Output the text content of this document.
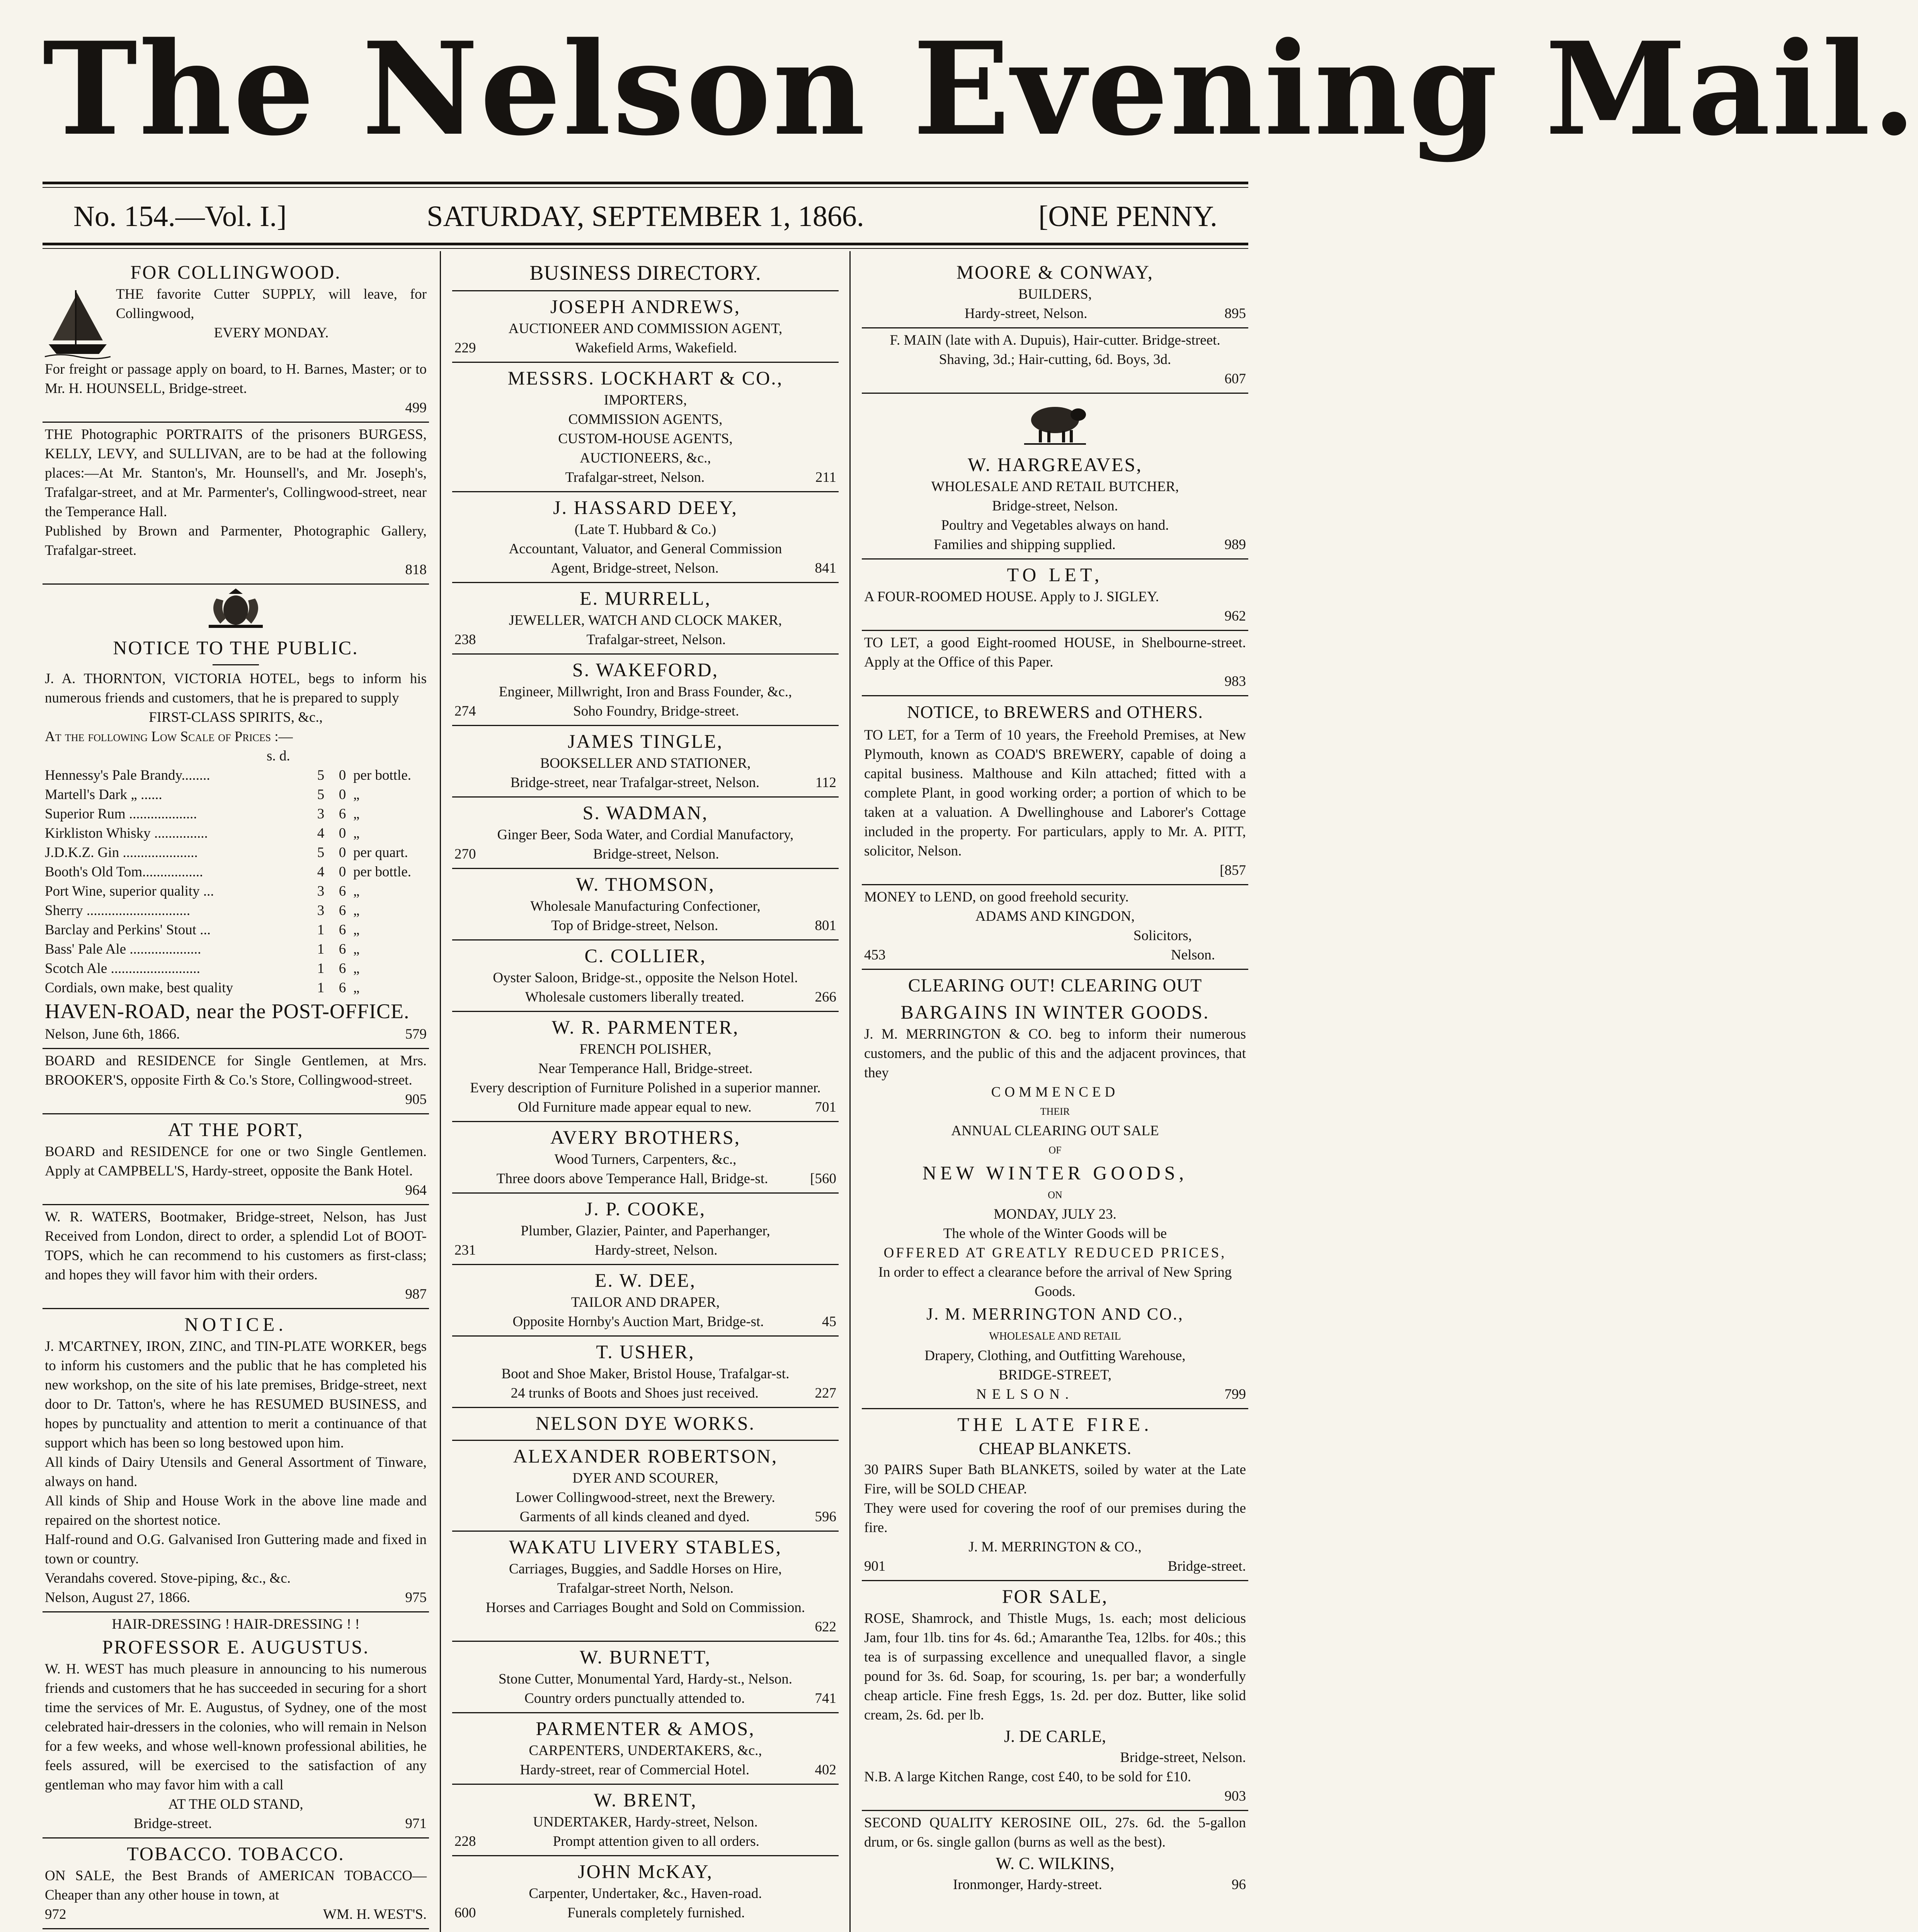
The Nelson Evening Mail.
No. 154.—Vol. I.]	SATURDAY, SEPTEMBER 1, 1866.	[ONE PENNY.
FOR COLLINGWOOD.
THE favorite Cutter SUPPLY, will leave, for Collingwood,
EVERY MONDAY.
For freight or passage apply on board, to H. Barnes, Master; or to Mr. H. HOUNSELL, Bridge-street.
499
THE Photographic PORTRAITS of the prisoners BURGESS, KELLY, LEVY, and SULLIVAN, are to be had at the following places:—At Mr. Stanton's, Mr. Hounsell's, and Mr. Joseph's, Trafalgar-street, and at Mr. Parmenter's, Collingwood-street, near the Temperance Hall.
Published by Brown and Parmenter, Photographic Gallery, Trafalgar-street.
818
NOTICE TO THE PUBLIC.
J. A. THORNTON, VICTORIA HOTEL, begs to inform his numerous friends and customers, that he is prepared to supply
FIRST-CLASS SPIRITS, &c.,
At the following Low Scale of Prices :—
s. d.
Hennessy's Pale Brandy........	5	0 per bottle.
Martell's Dark „ ......	5	0 „
Superior Rum ...................	3	6 „
Kirkliston Whisky ...............	4	0 „
J.D.K.Z. Gin .....................	5	0 per quart.
Booth's Old Tom.................	4	0 per bottle.
Port Wine, superior quality ...	3	6 „
Sherry .............................	3	6 „
Barclay and Perkins' Stout ...	1	6 „
Bass' Pale Ale ....................	1	6 „
Scotch Ale .........................	1	6 „
Cordials, own make, best quality	1	6 „
HAVEN-ROAD, near the POST-OFFICE.
Nelson, June 6th, 1866.	579
BOARD and RESIDENCE for Single Gentlemen, at Mrs. BROOKER'S, opposite Firth & Co.'s Store, Collingwood-street.
905
AT THE PORT,
BOARD and RESIDENCE for one or two Single Gentlemen. Apply at CAMPBELL'S, Hardy-street, opposite the Bank Hotel.
964
W. R. WATERS, Bootmaker, Bridge-street, Nelson, has Just Received from London, direct to order, a splendid Lot of BOOT-TOPS, which he can recommend to his customers as first-class; and hopes they will favor him with their orders.
987
NOTICE.
J. M'CARTNEY, IRON, ZINC, and TIN-PLATE WORKER, begs to inform his customers and the public that he has completed his new workshop, on the site of his late premises, Bridge-street, next door to Dr. Tatton's, where he has RESUMED BUSINESS, and hopes by punctuality and attention to merit a continuance of that support which has been so long bestowed upon him.
All kinds of Dairy Utensils and General Assortment of Tinware, always on hand.
All kinds of Ship and House Work in the above line made and repaired on the shortest notice.
Half-round and O.G. Galvanised Iron Guttering made and fixed in town or country.
Verandahs covered. Stove-piping, &c., &c.
Nelson, August 27, 1866.	975
HAIR-DRESSING ! HAIR-DRESSING ! !
PROFESSOR E. AUGUSTUS.
W. H. WEST has much pleasure in announcing to his numerous friends and customers that he has succeeded in securing for a short time the services of Mr. E. Augustus, of Sydney, one of the most celebrated hair-dressers in the colonies, who will remain in Nelson for a few weeks, and whose well-known professional abilities, he feels assured, will be exercised to the satisfaction of any gentleman who may favor him with a call
AT THE OLD STAND,
Bridge-street.	971
TOBACCO. TOBACCO.
ON SALE, the Best Brands of AMERICAN TOBACCO—Cheaper than any other house in town, at
972	WM. H. WEST'S.
BUSINESS DIRECTORY.
JOSEPH ANDREWS,
AUCTIONEER AND COMMISSION AGENT,
229	Wakefield Arms, Wakefield.
MESSRS. LOCKHART & CO.,
IMPORTERS,
COMMISSION AGENTS,
CUSTOM-HOUSE AGENTS,
AUCTIONEERS, &c.,
Trafalgar-street, Nelson.	211
J. HASSARD DEEY,
(Late T. Hubbard & Co.)
Accountant, Valuator, and General Commission
Agent, Bridge-street, Nelson.	841
E. MURRELL,
JEWELLER, WATCH AND CLOCK MAKER,
238	Trafalgar-street, Nelson.
S. WAKEFORD,
Engineer, Millwright, Iron and Brass Founder, &c.,
274	Soho Foundry, Bridge-street.
JAMES TINGLE,
BOOKSELLER AND STATIONER,
Bridge-street, near Trafalgar-street, Nelson.	112
S. WADMAN,
Ginger Beer, Soda Water, and Cordial Manufactory,
270	Bridge-street, Nelson.
W. THOMSON,
Wholesale Manufacturing Confectioner,
Top of Bridge-street, Nelson.	801
C. COLLIER,
Oyster Saloon, Bridge-st., opposite the Nelson Hotel.
Wholesale customers liberally treated.	266
W. R. PARMENTER,
FRENCH POLISHER,
Near Temperance Hall, Bridge-street.
Every description of Furniture Polished in a superior manner.
Old Furniture made appear equal to new.	701
AVERY BROTHERS,
Wood Turners, Carpenters, &c.,
Three doors above Temperance Hall, Bridge-st.	[560
J. P. COOKE,
Plumber, Glazier, Painter, and Paperhanger,
231	Hardy-street, Nelson.
E. W. DEE,
TAILOR AND DRAPER,
Opposite Hornby's Auction Mart, Bridge-st.	45
T. USHER,
Boot and Shoe Maker, Bristol House, Trafalgar-st.
24 trunks of Boots and Shoes just received.	227
NELSON DYE WORKS.
ALEXANDER ROBERTSON,
DYER AND SCOURER,
Lower Collingwood-street, next the Brewery.
Garments of all kinds cleaned and dyed.	596
WAKATU LIVERY STABLES,
Carriages, Buggies, and Saddle Horses on Hire,
Trafalgar-street North, Nelson.
Horses and Carriages Bought and Sold on Commission.
622
W. BURNETT,
Stone Cutter, Monumental Yard, Hardy-st., Nelson.
Country orders punctually attended to.	741
PARMENTER & AMOS,
CARPENTERS, UNDERTAKERS, &c.,
Hardy-street, rear of Commercial Hotel.	402
W. BRENT,
UNDERTAKER, Hardy-street, Nelson.
228	Prompt attention given to all orders.
JOHN McKAY,
Carpenter, Undertaker, &c., Haven-road.
600	Funerals completely furnished.
MOORE & CONWAY,
BUILDERS,
Hardy-street, Nelson.	895
F. MAIN (late with A. Dupuis), Hair-cutter. Bridge-street. Shaving, 3d.; Hair-cutting, 6d. Boys, 3d.
607
W. HARGREAVES,
WHOLESALE AND RETAIL BUTCHER,
Bridge-street, Nelson.
Poultry and Vegetables always on hand.
Families and shipping supplied.	989
TO LET,
A FOUR-ROOMED HOUSE. Apply to J. SIGLEY.
962
TO LET, a good Eight-roomed HOUSE, in Shelbourne-street. Apply at the Office of this Paper.
983
NOTICE, to BREWERS and OTHERS.
TO LET, for a Term of 10 years, the Freehold Premises, at New Plymouth, known as COAD'S BREWERY, capable of doing a capital business. Malthouse and Kiln attached; fitted with a complete Plant, in good working order; a portion of which to be taken at a valuation. A Dwellinghouse and Laborer's Cottage included in the property. For particulars, apply to Mr. A. PITT, solicitor, Nelson.
[857
MONEY to LEND, on good freehold security.
ADAMS AND KINGDON,
Solicitors,
453	Nelson.
CLEARING OUT! CLEARING OUT
BARGAINS IN WINTER GOODS.
J. M. MERRINGTON & CO. beg to inform their numerous customers, and the public of this and the adjacent provinces, that they
COMMENCED
THEIR
ANNUAL CLEARING OUT SALE
OF
NEW WINTER GOODS,
ON
MONDAY, JULY 23.
The whole of the Winter Goods will be
OFFERED AT GREATLY REDUCED PRICES,
In order to effect a clearance before the arrival of New Spring Goods.
J. M. MERRINGTON AND CO.,
WHOLESALE AND RETAIL
Drapery, Clothing, and Outfitting Warehouse,
BRIDGE-STREET,
NELSON.	799
THE LATE FIRE.
CHEAP BLANKETS.
30 PAIRS Super Bath BLANKETS, soiled by water at the Late Fire, will be SOLD CHEAP.
They were used for covering the roof of our premises during the fire.
J. M. MERRINGTON & CO.,
901	Bridge-street.
FOR SALE,
ROSE, Shamrock, and Thistle Mugs, 1s. each; most delicious Jam, four 1lb. tins for 4s. 6d.; Amaranthe Tea, 12lbs. for 40s.; this tea is of surpassing excellence and unequalled flavor, a single pound for 3s. 6d. Soap, for scouring, 1s. per bar; a wonderfully cheap article. Fine fresh Eggs, 1s. 2d. per doz. Butter, like solid cream, 2s. 6d. per lb.
J. DE CARLE,
Bridge-street, Nelson.
N.B. A large Kitchen Range, cost £40, to be sold for £10.
903
SECOND QUALITY KEROSINE OIL, 27s. 6d. the 5-gallon drum, or 6s. single gallon (burns as well as the best).
W. C. WILKINS,
Ironmonger, Hardy-street.	96
